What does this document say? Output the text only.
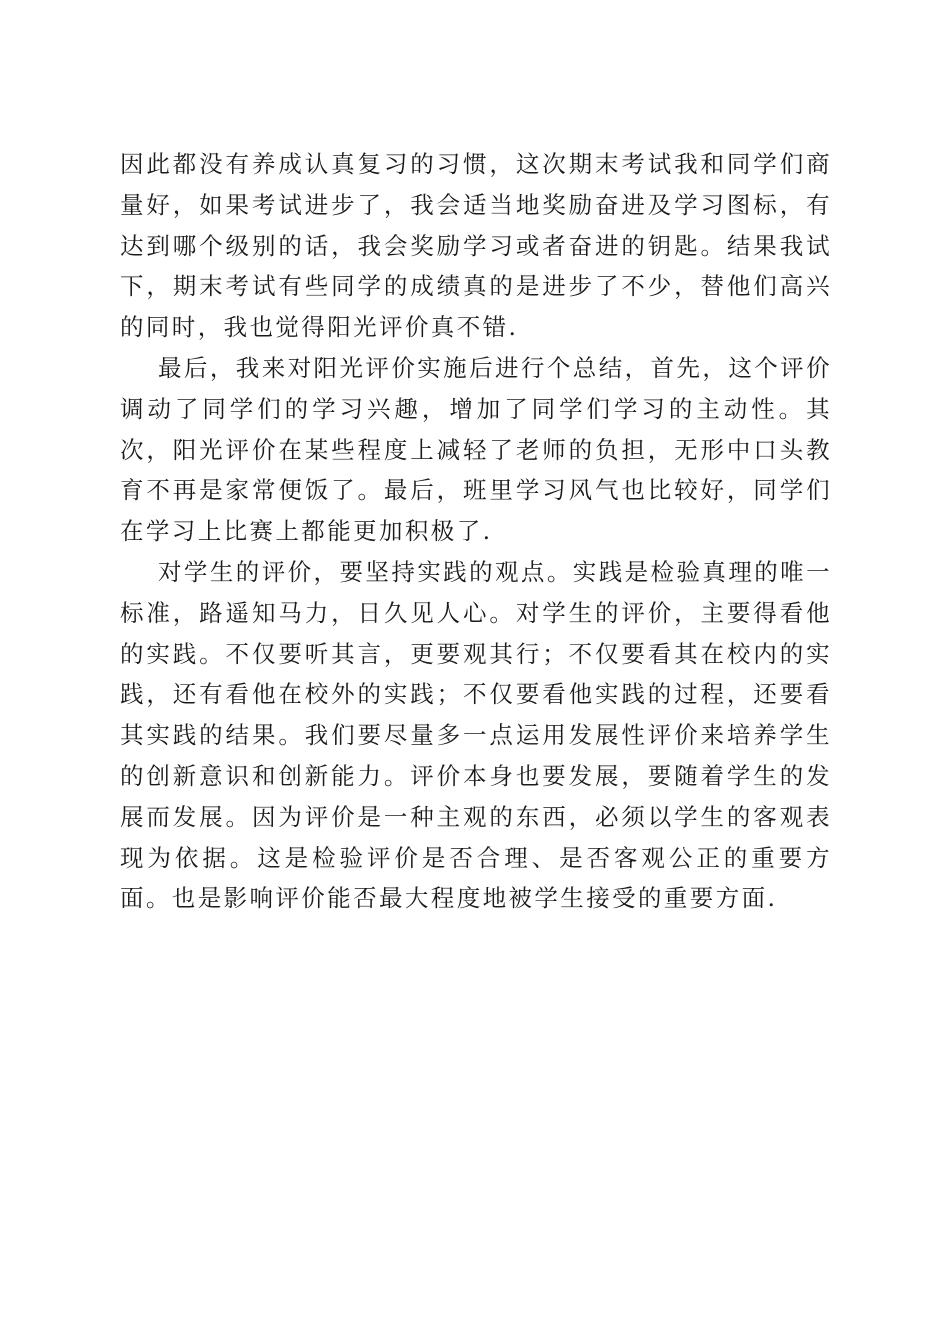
因此都没有养成认真复习的习惯，这次期末考试我和同学们商量好，如果考试进步了，我会适当地奖励奋进及学习图标，有达到哪个级别的话，我会奖励学习或者奋进的钥匙。结果我试下，期末考试有些同学的成绩真的是进步了不少，替他们高兴的同时，我也觉得阳光评价真不错.

最后，我来对阳光评价实施后进行个总结，首先，这个评价调动了同学们的学习兴趣，增加了同学们学习的主动性。其次，阳光评价在某些程度上减轻了老师的负担，无形中口头教育不再是家常便饭了。最后，班里学习风气也比较好，同学们在学习上比赛上都能更加积极了.

对学生的评价，要坚持实践的观点。实践是检验真理的唯一标准，路遥知马力，日久见人心。对学生的评价，主要得看他的实践。不仅要听其言，更要观其行；不仅要看其在校内的实践，还有看他在校外的实践；不仅要看他实践的过程，还要看其实践的结果。我们要尽量多一点运用发展性评价来培养学生的创新意识和创新能力。评价本身也要发展，要随着学生的发展而发展。因为评价是一种主观的东西，必须以学生的客观表现为依据。这是检验评价是否合理、是否客观公正的重要方面。也是影响评价能否最大程度地被学生接受的重要方面.
